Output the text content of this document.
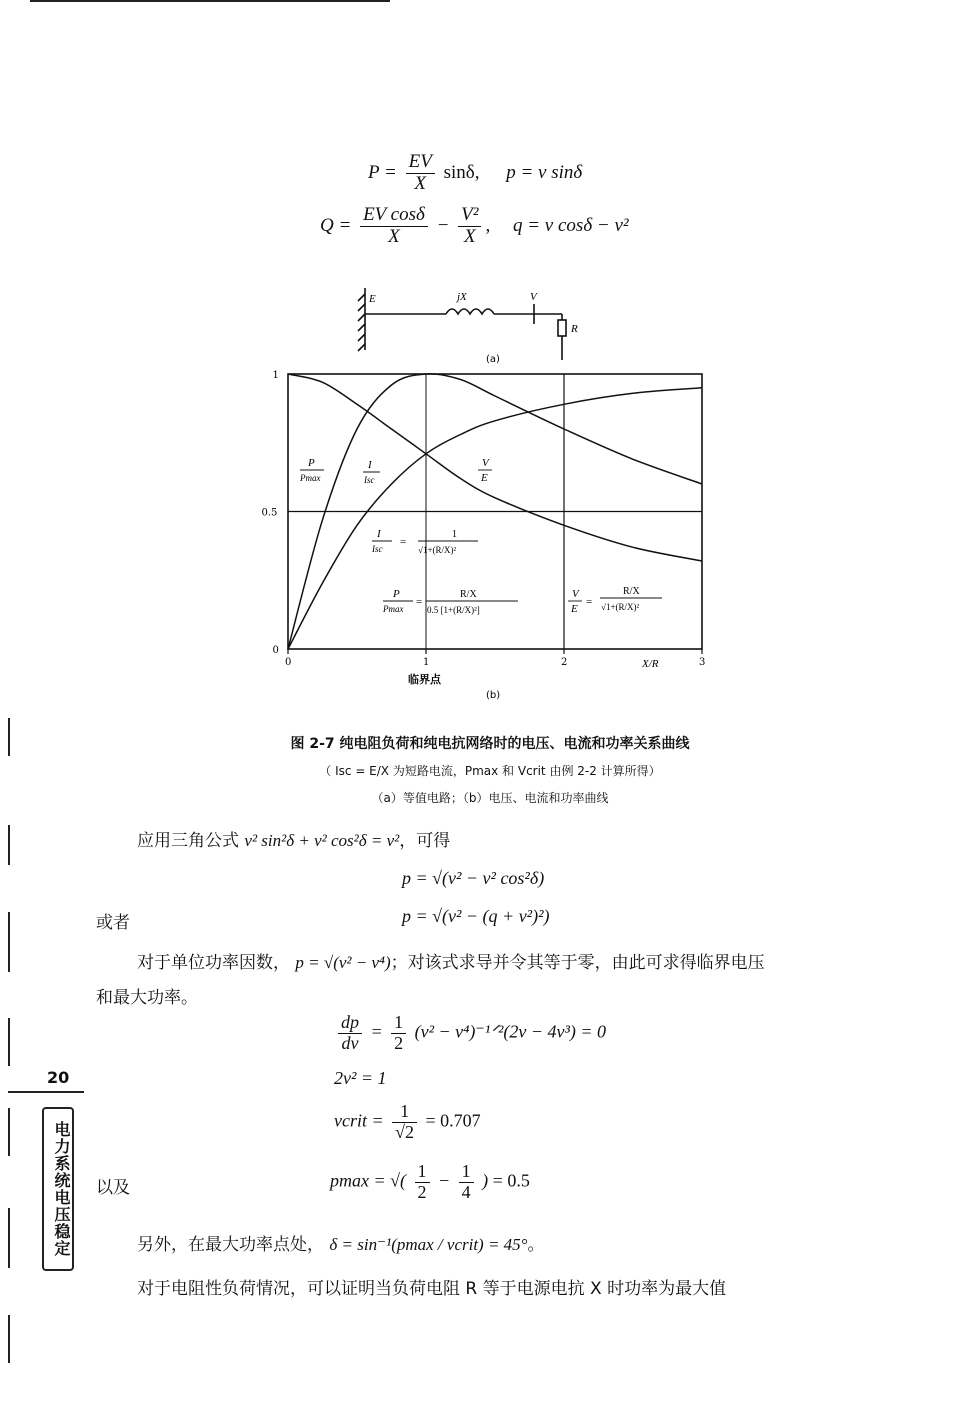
$P = \frac{EV}{X} \sin\delta$, p = v sinδ
$Q = \frac{\text{EV cosδ}}{X} - \frac{\text{V²}}{X}$ , q = v cosδ − v²
E	jX	V
R
(a)
0	1	2	3
0
0.5
1
P
Pmax
I
Isc
V
E
I
Isc
=
1
√1+(R/X)²
P
Pmax
=
R/X
0.5 [1+(R/X)²]
V
E
=
R/X
√1+(R/X)²
X/R
临界点
(b)
图 2-7 纯电阻负荷和纯电抗网络时的电压、电流和功率关系曲线
（ Isc = E/X 为短路电流，Pmax 和 Vcrit 由例 2-2 计算所得）
（a）等值电路；（b）电压、电流和功率曲线
应用三角公式 v² sin²δ + v² cos²δ = v²，可得
p = √(v² − v² cos²δ)
或者	p = √(v² − (q + v²)²)
对于单位功率因数， p = √(v² − v⁴)；对该式求导并令其等于零，由此可求得临界电压
和最大功率。
$\frac{dp}{dv} = \frac{1}{2} (v^2$ − v⁴)⁻¹ᐟ²(2v − 4v³) = 0
2v² = 1
vcrit = $\frac{1}{√2} = 0.707$
以及	pmax = √( $\frac{1}{2} - \frac{1}{4}$ ) = 0.5
另外，在最大功率点处， δ = sin⁻¹(pmax / vcrit) = 45°。
对于电阻性负荷情况，可以证明当负荷电阻 R 等于电源电抗 X 时功率为最大值
20
电力系统电压稳定
